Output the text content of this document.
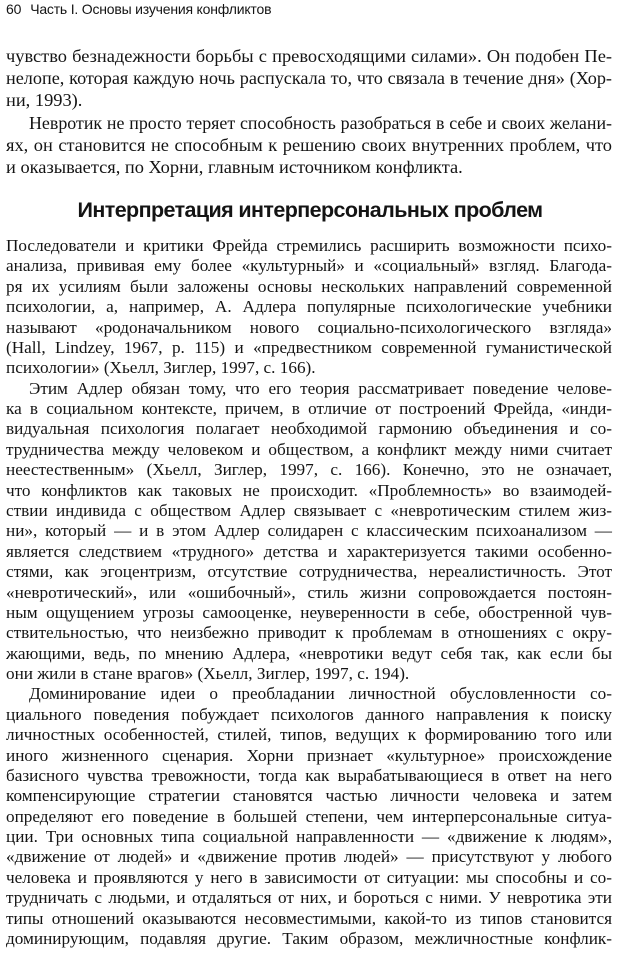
60 Часть I. Основы изучения конфликтов
чувство безнадежности борьбы с превосходящими силами». Он подобен Пе-
нелопе, которая каждую ночь распускала то, что связала в течение дня» (Хор-
ни, 1993).
Невротик не просто теряет способность разобраться в себе и своих желани-
ях, он становится не способным к решению своих внутренних проблем, что
и оказывается, по Хорни, главным источником конфликта.
Интерпретация интерперсональных проблем
Последователи и критики Фрейда стремились расширить возможности психо-
анализа, прививая ему более «культурный» и «социальный» взгляд. Благода-
ря их усилиям были заложены основы нескольких направлений современной
психологии, а, например, А. Адлера популярные психологические учебники
называют «родоначальником нового социально-психологического взгляда»
(Hall, Lindzey, 1967, p. 115) и «предвестником современной гуманистической
психологии» (Хьелл, Зиглер, 1997, с. 166).
Этим Адлер обязан тому, что его теория рассматривает поведение челове-
ка в социальном контексте, причем, в отличие от построений Фрейда, «инди-
видуальная психология полагает необходимой гармонию объединения и со-
трудничества между человеком и обществом, а конфликт между ними считает
неестественным» (Хьелл, Зиглер, 1997, с. 166). Конечно, это не означает,
что конфликтов как таковых не происходит. «Проблемность» во взаимодей-
ствии индивида с обществом Адлер связывает с «невротическим стилем жиз-
ни», который — и в этом Адлер солидарен с классическим психоанализом —
является следствием «трудного» детства и характеризуется такими особенно-
стями, как эгоцентризм, отсутствие сотрудничества, нереалистичность. Этот
«невротический», или «ошибочный», стиль жизни сопровождается постоян-
ным ощущением угрозы самооценке, неуверенности в себе, обостренной чув-
ствительностью, что неизбежно приводит к проблемам в отношениях с окру-
жающими, ведь, по мнению Адлера, «невротики ведут себя так, как если бы
они жили в стане врагов» (Хьелл, Зиглер, 1997, с. 194).
Доминирование идеи о преобладании личностной обусловленности со-
циального поведения побуждает психологов данного направления к поиску
личностных особенностей, стилей, типов, ведущих к формированию того или
иного жизненного сценария. Хорни признает «культурное» происхождение
базисного чувства тревожности, тогда как вырабатывающиеся в ответ на него
компенсирующие стратегии становятся частью личности человека и затем
определяют его поведение в большей степени, чем интерперсональные ситуа-
ции. Три основных типа социальной направленности — «движение к людям»,
«движение от людей» и «движение против людей» — присутствуют у любого
человека и проявляются у него в зависимости от ситуации: мы способны и со-
трудничать с людьми, и отдаляться от них, и бороться с ними. У невротика эти
типы отношений оказываются несовместимыми, какой-то из типов становится
доминирующим, подавляя другие. Таким образом, межличностные конфлик-
